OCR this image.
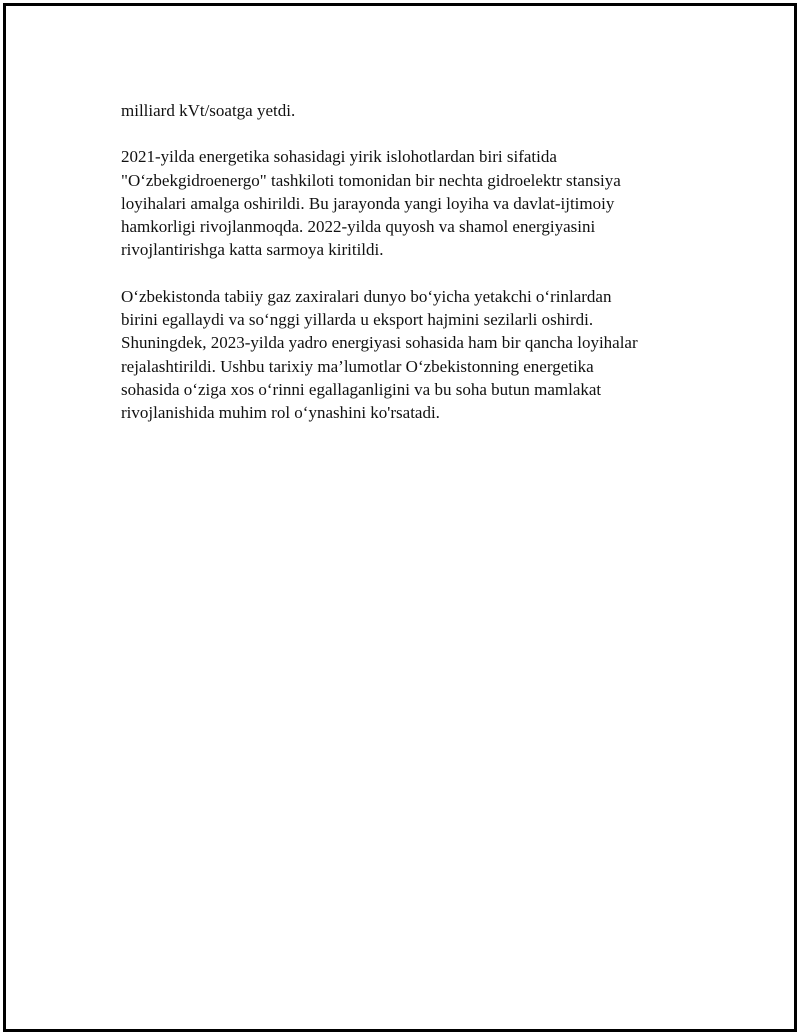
milliard kVt/soatga yetdi.

2021-yilda energetika sohasidagi yirik islohotlardan biri sifatida
"O‘zbekgidroenergo" tashkiloti tomonidan bir nechta gidroelektr stansiya
loyihalari amalga oshirildi. Bu jarayonda yangi loyiha va davlat-ijtimoiy
hamkorligi rivojlanmoqda. 2022-yilda quyosh va shamol energiyasini
rivojlantirishga katta sarmoya kiritildi.

O‘zbekistonda tabiiy gaz zaxiralari dunyo bo‘yicha yetakchi o‘rinlardan
birini egallaydi va so‘nggi yillarda u eksport hajmini sezilarli oshirdi.
Shuningdek, 2023-yilda yadro energiyasi sohasida ham bir qancha loyihalar
rejalashtirildi. Ushbu tarixiy ma’lumotlar O‘zbekistonning energetika
sohasida o‘ziga xos o‘rinni egallaganligini va bu soha butun mamlakat
rivojlanishida muhim rol o‘ynashini ko'rsatadi.
